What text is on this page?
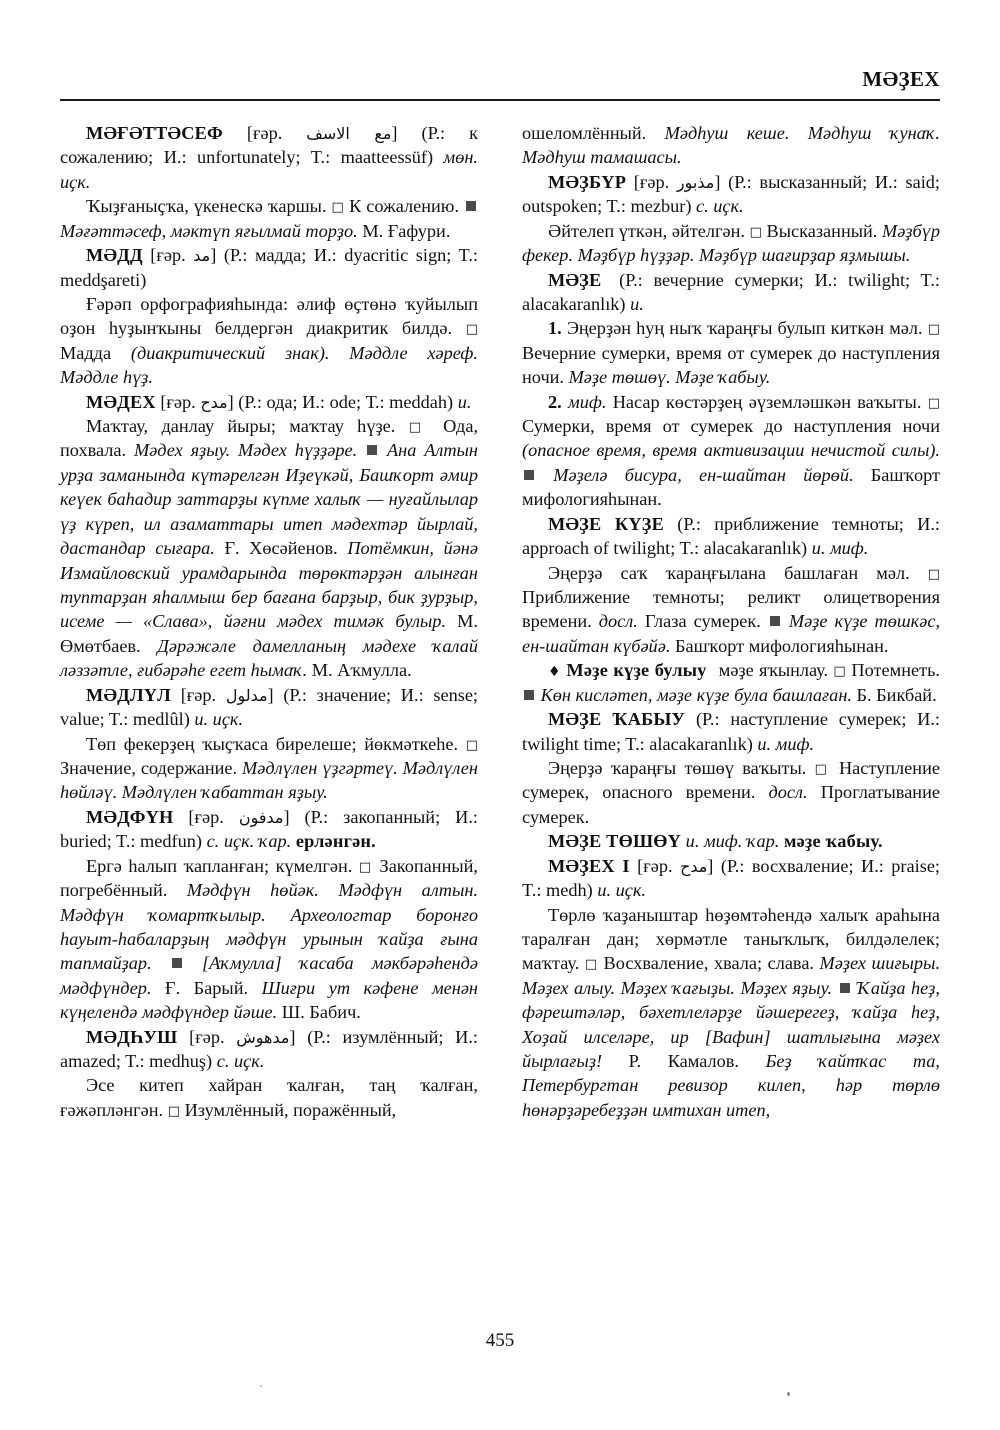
МӘҘЕХ

МӘҒӘТТӘСЕФ [ғәр. مع الاسف] (Р.: к сожалению; И.: unfortunately; T.: maatteessüf) мөн. иҫк.

Ҡыҙғаныҫҡа, үкенескә ҡаршы. □ К сожалению.  Мәғәттәсеф, мәктүп яғылмай торҙо. М. Ғафури.

МӘДД [ғәр. مد] (Р.: мадда; И.: dyacritic sign; T.: meddşareti)

Ғәрәп орфографияһында: әлиф өҫтөнә ҡуйылып оҙон һуҙынҡыны белдергән диакритик билдә. □ Мадда (диакритический знак). Мәддле хәреф. Мәддле һүҙ.

МӘДЕХ [ғәр. مدح] (Р.: ода; И.: ode; Т.: meddah) и.

Маҡтау, данлау йыры; маҡтау һүҙе. □ Ода, похвала. Мәдех яҙыу. Мәдех һүҙҙәре. Ана Алтын урҙа заманында күтәрелгән Иҙеүкәй, Башҡорт әмир кеүек баһадир заттарҙы күпме халыҡ — нуғайлылар үҙ күреп, ил азаматтары итеп мәдехтәр йырлай, дастандар сығара. Ғ. Хөсәйенов. Потёмкин, йәнә Измайловский урамдарында төрөктәрҙән алынған туптарҙан яһалмыш бер бағана барҙыр, бик ҙурҙыр, исеме — «Слава», йәғни мәдех тимәк булыр. М. Өмөтбаев. Дәрәжәле дамелланың мәдехе ҡалай ләззәтле, ғибәрәһе егет һымаҡ. М. Аҡмулла.

МӘДЛҮЛ [ғәр. مدلول] (Р.: значение; И.: sense; value; T.: medlûl) и. иҫк.

Төп фекерҙең ҡыҫҡаса бирелеше; йөкмәткеһе. □ Значение, содержание. Мәдлүлен үҙгәртеү. Мәдлүлен һөйләү. Мәдлүлен ҡабаттан яҙыу.

МӘДФҮН [ғәр. مدفون] (Р.: закопанный; И.: buried; T.: medfun) с. иҫк. ҡар. ерләнгән.

Ергә һалып ҡапланған; күмелгән. □ Закопанный, погребённый. Мәдфүн һөйәк. Мәдфүн алтын. Мәдфүн ҡомартҡылыр. Археологтар боронғо һауыт-һабаларҙың мәдфүн урынын ҡайҙа ғына тапмайҙар.	[Аҡмулла] ҡасаба мәкбәрәһендә мәдфүндер. Ғ. Барый. Шиғри ут кәфене менән күңелендә мәдфүндер йәше. Ш. Бабич.

МӘДҺУШ [ғәр. مدهوش] (Р.: изумлённый; И.: amazed; T.: medhuş) с. иҫк.

Эсе китеп хайран ҡалған, таң ҡалған, ғәжәпләнгән. □ Изумлённый, поражённый,

ошеломлённый. Мәдһуш кеше. Мәдһуш ҡунаҡ. Мәдһуш тамашасы.

МӘҘБҮР [ғәр. مذبور] (Р.: высказанный; И.: said; outspoken; T.: mezbur) с. иҫк.

Әйтелеп үткән, әйтелгән. □ Высказанный. Мәҙбүр фекер. Мәҙбүр һүҙҙәр. Мәҙбүр шағирҙар яҙмышы.

МӘҘЕ (Р.: вечерние сумерки; И.: twilight; T.: alacakaranlık) и.

1. Эңерҙән һуң ныҡ ҡараңғы булып киткән мәл. □ Вечерние сумерки, время от сумерек до наступления ночи. Мәҙе төшөү. Мәҙе ҡабыу.

2. миф. Насар көстәрҙең әүземләшкән ваҡыты. □ Сумерки, время от сумерек до наступления ночи (опасное время, время активизации нечистой силы).  Мәҙелә бисура, ен-шайтан йөрөй. Башҡорт мифологияһынан.

МӘҘЕ КҮҘЕ (Р.: приближение темноты; И.: approach of twilight; T.: alacakaranlık) и. миф.

Эңерҙә саҡ ҡараңғылана башлаған мәл. □ Приближение темноты; реликт олицетворения времени. досл. Глаза сумерек. Мәҙе күҙе төшкәс, ен-шайтан күбәйә. Башҡорт мифологияһынан.

♦ Мәҙе күҙе булыу мәҙе яҡынлау. □ Потемнеть.  Көн кисләтеп, мәҙе күҙе була башлаған. Б. Бикбай.

МӘҘЕ ҠАБЫУ (Р.: наступление сумерек; И.: twilight time; T.: alacakaranlık) и. миф.

Эңерҙә ҡараңғы төшөү ваҡыты. □ Наступление сумерек, опасного времени. досл. Проглатывание сумерек.

МӘҘЕ ТӨШӨҮ и. миф. ҡар. мәҙе ҡабыу.

МӘҘЕХ I [ғәр. مدح] (Р.: восхваление; И.: praise; T.: medh) и. иҫк.

Төрлө ҡаҙаныштар һөҙөмтәһендә халыҡ араһына таралған дан; хөрмәтле таныҡлыҡ, билдәлелек; маҡтау. □ Восхваление, хвала; слава. Мәҙех шиғыры. Мәҙех алыу. Мәҙех ҡағыҙы. Мәҙех яҙыу. Ҡайҙа һеҙ, фәрештәләр, бәхетлеләрҙе йәшерегеҙ, ҡайҙа һеҙ, Хоҙай илселәре, ир [Вафин] шатлығына мәҙех йырлағыҙ! Р. Камалов. Беҙ ҡайтҡас та, Петербургтан ревизор килеп, һәр төрлө һөнәрҙәребеҙҙән имтихан итеп,

455
